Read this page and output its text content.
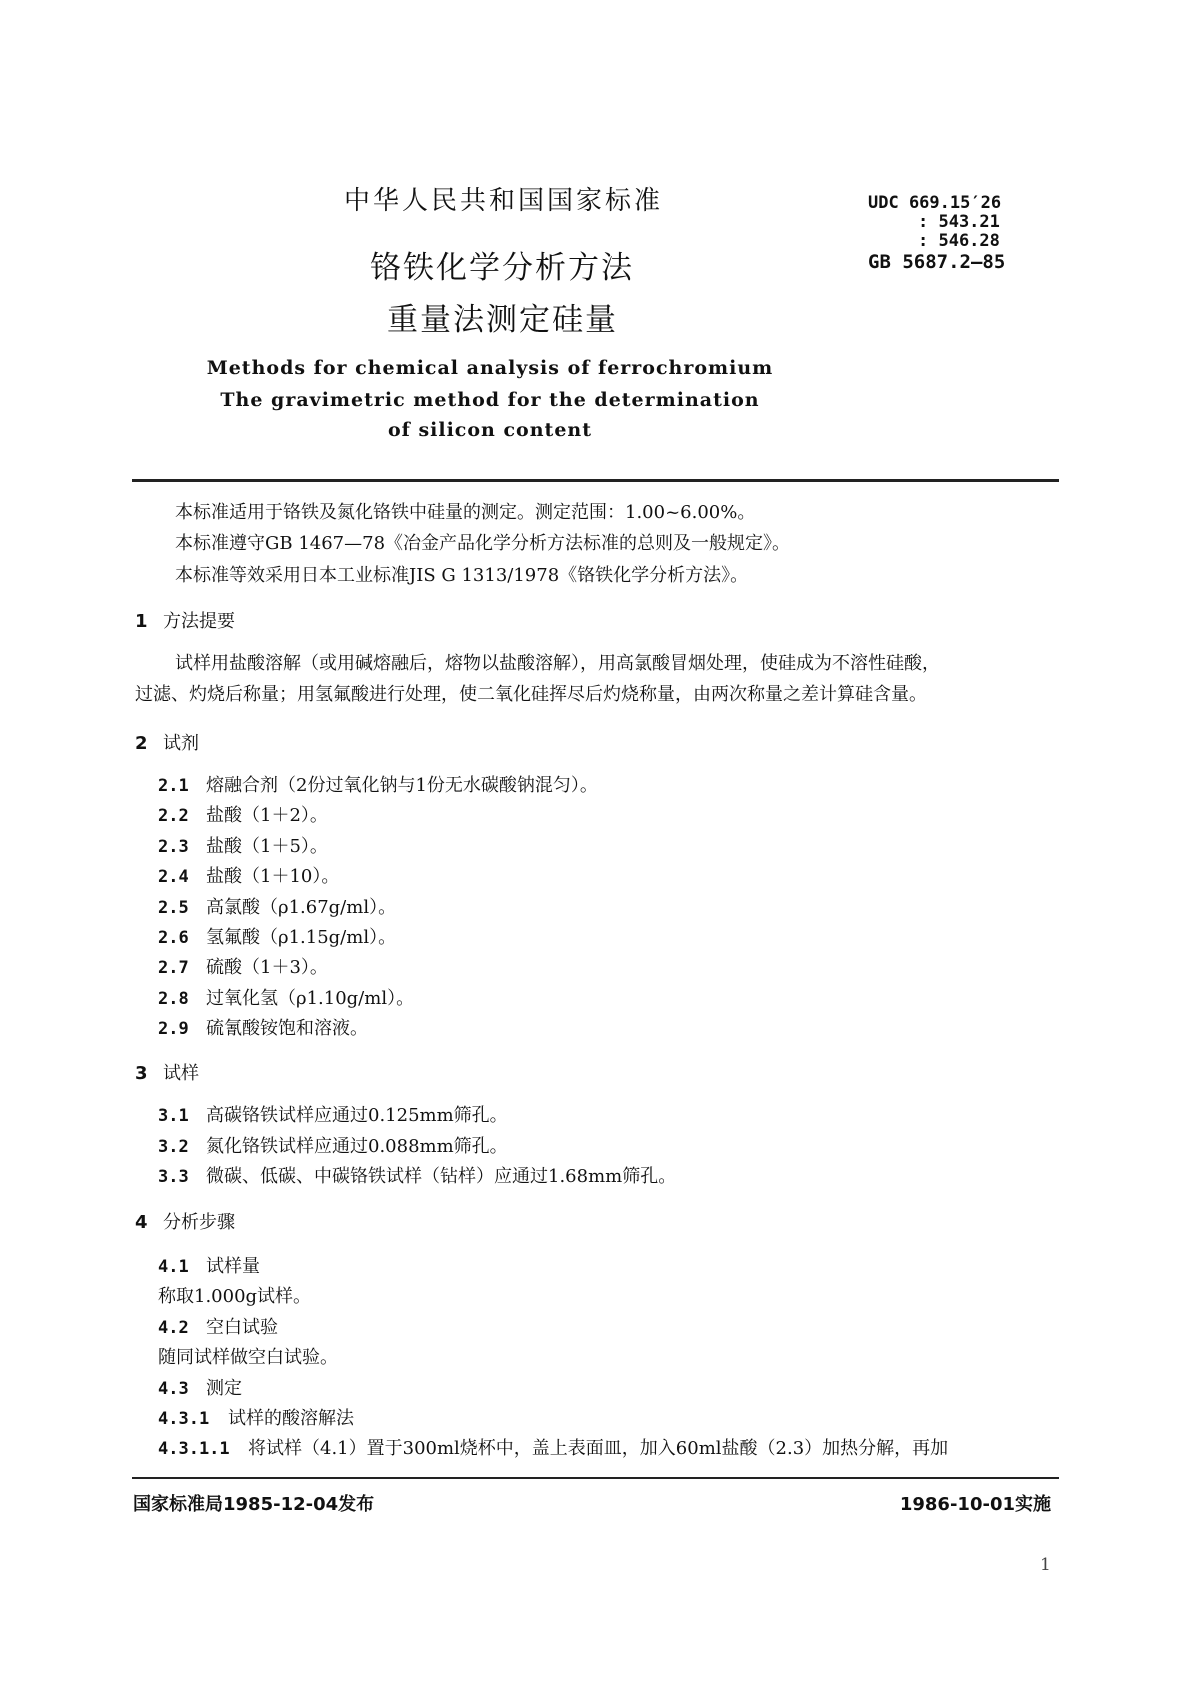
中华人民共和国国家标准	UDC 669.15′26
: 543.21
: 546.28
GB 5687.2—85
铬铁化学分析方法
重量法测定硅量
Methods for chemical analysis of ferrochromium
The gravimetric method for the determination
of silicon content
本标准适用于铬铁及氮化铬铁中硅量的测定。测定范围：1.00~6.00%。
本标准遵守GB 1467—78《冶金产品化学分析方法标准的总则及一般规定》。
本标准等效采用日本工业标准JIS G 1313/1978《铬铁化学分析方法》。
1 方法提要
试样用盐酸溶解（或用碱熔融后，熔物以盐酸溶解），用高氯酸冒烟处理，使硅成为不溶性硅酸，
过滤、灼烧后称量；用氢氟酸进行处理，使二氧化硅挥尽后灼烧称量，由两次称量之差计算硅含量。
2 试剂
2.1 熔融合剂（2份过氧化钠与1份无水碳酸钠混匀）。
2.2 盐酸（1＋2）。
2.3 盐酸（1＋5）。
2.4 盐酸（1＋10）。
2.5 高氯酸（ρ1.67g/ml）。
2.6 氢氟酸（ρ1.15g/ml）。
2.7 硫酸（1＋3）。
2.8 过氧化氢（ρ1.10g/ml）。
2.9 硫氰酸铵饱和溶液。
3 试样
3.1 高碳铬铁试样应通过0.125mm筛孔。
3.2 氮化铬铁试样应通过0.088mm筛孔。
3.3 微碳、低碳、中碳铬铁试样（钻样）应通过1.68mm筛孔。
4 分析步骤
4.1 试样量
称取1.000g试样。
4.2 空白试验
随同试样做空白试验。
4.3 测定
4.3.1 试样的酸溶解法
4.3.1.1 将试样（4.1）置于300ml烧杯中，盖上表面皿，加入60ml盐酸（2.3）加热分解，再加
国家标准局1985-12-04发布	1986-10-01实施
1
